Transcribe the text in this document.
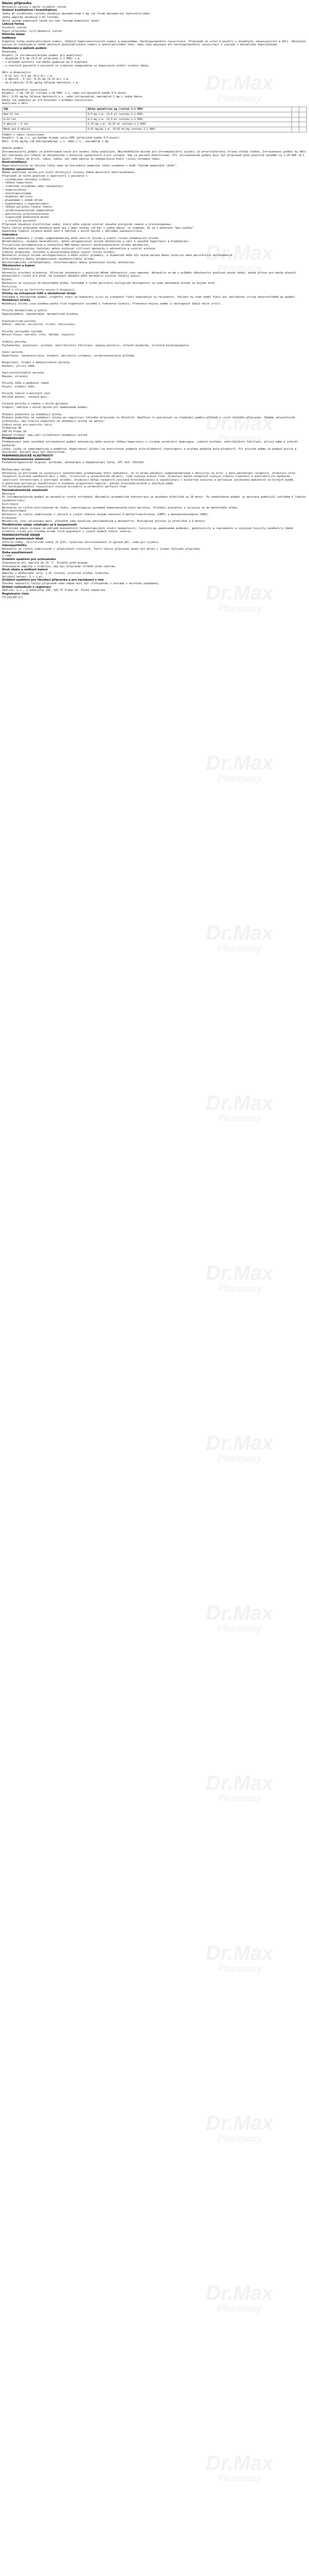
Název přípravku
Adrenalin Lečiva 1 mg/ml injekční roztok
Složení kvalitativní i kvantitativní
Jedna ml injekčního roztoku obsahuje epinephrinum 1 mg (ve formě epinephrini hydrochloridum).
Jedna ampulka obsahuje 1 ml roztoku.
Úplný seznam pomocných látek viz bod "Seznam pomocných látek".
Léková forma
Injekční roztok.
Popis přípravku: čirý bezbarvý roztok.
Klinické údaje
Indikace
Urgentní léčba anafylaktických reakcí, těžkých hypersenzitivních reakcí a angioedému. Kardiopulmonální resuscitace. Přípravek je určen k použití u dospělých, dospívajících a dětí. Adrenalin Leciva je indikován k léčbě akutních anafylaktických reakcí a anafylaktického šoku, nebo jako adjuvans při kardiopulmonální resuscitaci v souladu s aktuálními doporučeními.
Dávkování a způsob podání
Dávkování
Dospělí (k intramuskulárnímu podání při anafylaxi)
– dospělým 0,5 mg (0,5 ml přípravku 1:1 000) i.m.
– v případě nutnosti lze dávku opakovat po 5 minutách
– u starších pacientů a pacientů se srdečním onemocněním se doporučuje zvážit snížení dávky.

Děti a dospívající
– 6–12 let: 0,3 mg (0,3 ml) i.m.
– 6 měsíců – 6 let: 0,15 mg (0,15 ml) i.m.
– do 6 měsíců: 0,01 mg/kg tělesné hmotnosti i.m.

Kardiopulmonální resuscitace
Dospělí: 1 mg (10 ml roztoku 1:10 000) i.v. nebo intraoseálně každé 3–5 minut.
Děti: 0,01 mg/kg tělesné hmotnosti i.v. nebo intraoseálně, maximálně 1 mg v jedné dávce.
Dávky lze opakovat po 3–5 minutách v průběhu resuscitace.
Anafylaxe u dětí
Věk	Dávka epinefrinu mg (roztok 1:1 000)		
Nad 12 let	0,5 mg i.m. (0,5 ml roztoku 1:1 000)		
6–12 let	0,3 mg i.m. (0,3 ml roztoku 1:1 000)		
6 měsíců – 6 let	0,15 mg i.m. (0,15 ml roztoku 1:1 000)		
Méně než 6 měsíců	0,01 mg/kg i.m. (0,01 ml/kg roztoku 1:1 000)		
Podání v rámci resuscitace
Dospělí: 1 mg i.v. po každém druhém cyklu KPR (přibližně každé 3–5 minut).
Děti: 0,01 mg/kg (10 mikrogramů/kg) i.v. nebo i.o., maximálně 1 mg.

Způsob podání
Intramuskulární podání je preferovaná cesta pro úvodní léčbu anafylaxe. Nejvhodnějším místem pro intramuskulární injekci je anterolaterální strana středu stehna. Intravenózní podání by mělo být vyhrazeno pro lékaře se zkušenostmi s použitím vazopresorů a pro situace, kdy je pacient monitorován. Při intravenózním podání musí být přípravek před použitím naředěn na 1:10 000 (0,1 mg/ml). Podání do prstů, rukou, nohou, uší nebo penisu se nedoporučuje kvůli riziku ischemie tkání.
Kontraindikace
Hypersenzitivita na léčivou látku nebo na kteroukoli pomocnou látku uvedenou v bodě "Seznam pomocných látek".
Zvláštní upozornění
Během anafylaxe nejsou pro život ohrožující situace žádné absolutní kontraindikace.
Přípravek je nutno používat s opatrností u pacientů s:
– ischemickou chorobou srdeční
– těžkou hypertenzí
– srdečními arytmiemi nebo tachykardií
– hypertyreózou
– feochromocytomem
– diabetes mellitus
– glaukomem s úzkým úhlem
– hypokalemií a hyperkalcemií
– těžkou poruchou funkce ledvin
– cerebrovaskulárním onemocněním
– pokročilou arteriosklerózou
– organickým poškozením mozku
– u starších pacientů
Přípravek obsahuje disiřičitan sodný, který může vzácně vyvolat závažné alergické reakce a bronchospasmus.
Tento léčivý přípravek obsahuje méně než 1 mmol sodíku (23 mg) v jedné dávce, to znamená, že je v podstatě "bez sodíku".
Opakované lokální injekce mohou vést k nekróze v místě vpichu v důsledku vazokonstrikce.
Interakce
Souběžné podávání s jinými sympatomimetiky může zesílit účinky a zvýšit riziko nežádoucích účinků.
Betablokátory, zejména neselektivní, mohou antagonizovat účinek adrenalinu a vést k závažné hypertenzi a bradykardii.
Tricyklická antidepresiva a inhibitory MAO mohou zesílit kardiovaskulární účinky adrenalinu.
Inhalační anestetika (halotan) mohou zvyšovat citlivost myokardu k adrenalinu a vyvolat arytmie.
Srdeční glykosidy, chinidin a antiarytmika mohou zvýšit riziko arytmií.
Adrenalin snižuje účinek antihypertenziv a může zvýšit glykémii, u diabetiků může být nutná úprava dávky inzulinu nebo perorálních antidiabetik.
Alfa-blokátory mohou antagonizovat vazokonstrikční účinky.
Antihistaminika (difenhydramin, chlorfeniramin) mohou potencovat účinky adrenalinu.
Těhotenství a kojení
Těhotenství
Adrenalin prochází placentou. Klinické zkušenosti s použitím během těhotenství jsou omezené. Adrenalin se má v průběhu těhotenství používat pouze tehdy, pokud přínos pro matku převýší potenciální riziko pro plod. Ve vysokých dávkách může adrenalin vyvolat fetální anoxii.
Kojení
Adrenalin se vylučuje do mateřského mléka. Vzhledem k nízké perorální biologické dostupnosti se však neočekává účinek na kojené dítě.
Fertilita
Údaje o vlivu na fertilitu nejsou k dispozici.
Účinky na schopnost řídit a obsluhovat stroje
Vzhledem k okolnostem podání (urgentní stav) se hodnocení vlivu na schopnost řídit nepovažuje za relevantní. Pacient by však neměl řídit ani obsluhovat stroje bezprostředně po podání.
Nežádoucí účinky
Nežádoucí účinky jsou uvedeny podle tříd orgánových systémů a frekvence výskytu. Frekvence nejsou známé (z dostupných údajů nelze určit).

Poruchy metabolismu a výživy
Hyperglykemie, hypokalemie, metabolická acidóza.

Psychiatrické poruchy
Úzkost, neklid, nervozita, strach, halucinace.

Poruchy nervového systému
Bolest hlavy, závratě, třes, mdloby, ospalost.

Srdeční poruchy
Tachykardie, palpitace, arytmie, ventrikulární fibrilace, angina pectoris, infarkt myokardu, stresová kardiomyopatie.

Cévní poruchy
Hypertenze, vazokonstrikce, bledost, periferní ischemie, cerebrovaskulární příhoda.

Respirační, hrudní a mediastinální poruchy
Dušnost, plicní edém.

Gastrointestinální poruchy
Nauzea, zvracení.

Poruchy kůže a podkožní tkáně
Pocení, bledost kůže.

Poruchy ledvin a močových cest
Obtížné močení, retence moči.

Celkové poruchy a reakce v místě aplikace
Slabost, nekróza v místě vpichu při opakovaném podání.

Hlášení podezření na nežádoucí účinky
Hlášení podezření na nežádoucí účinky po registraci léčivého přípravku je důležité. Umožňuje to pokračovat ve sledování poměru přínosů a rizik léčivého přípravku. Žádáme zdravotnické pracovníky, aby hlásili podezření na nežádoucí účinky na adresu:
Státní ústav pro kontrolu léčiv
Šrobárova 48
100 41 Praha 10
Webové stránky: www.sukl.cz/nahlasit-nezadouci-ucinek
Předávkování
Předávkování nebo nechtěné intravenózní podání adrenalinu může vyvolat těžkou hypertenzi s rizikem cerebrální hemoragie, srdeční arytmie, ventrikulární fibrilaci, plicní edém a infarkt myokardu.
Léčba: Léčba je symptomatická a podpůrná. Hypertenzní účinky lze kontrolovat podáním alfa-blokátorů (fentolamin) a arytmie podáním beta-blokátorů. Při plicním edému se podává kyslík a diuretika. Pacient musí být monitorován.
FARMAKOLOGICKÉ VLASTNOSTI
Farmakodynamické vlastnosti
Farmakoterapeutická skupina: kardiaka, adrenergní a dopaminergní látky, ATC kód: C01CA24.

Mechanismus účinku
Adrenalin je přirozeně se vyskytující katecholamin produkovaný dření nadledvin. Je to přímo působící sympatomimetikum s aktivitou na alfa- i beta-adrenergní receptory. Stimulací alfa-receptorů vyvolává vazokonstrikci v kůži, sliznicích a splanchnické oblasti, čímž zvyšuje krevní tlak. Stimulací beta1-receptorů zvyšuje srdeční frekvenci a kontraktilitu myokardu (pozitivní chronotropní a inotropní účinek). Stimulací beta2-receptorů vyvolává bronchodilataci a vazodilataci v kosterním svalstvu a potlačuje uvolňování mediátorů ze žírných buněk.
U anafylaxe potlačuje vazodilataci a zvýšenou propustnost kapilár, působí bronchodilatačně a zmírňuje edém.
Při kardiopulmonální resuscitaci zvyšuje koronární a cerebrální perfuzní tlak.
Farmakokinetické vlastnosti
Absorpce
Po intramuskulárním podání se adrenalin rychle vstřebává. Maximální plazmatické koncentrace je dosaženo přibližně za 10 minut. Po subkutánním podání je absorpce pomalejší vzhledem k lokální vazokonstrikci.
Distribuce
Adrenalin je rychle distribuován do tkání, neprostupuje významně hematoencefalickou bariérou. Prochází placentou a vylučuje se do mateřského mléka.
Biotransformace
Adrenalin je rychle inaktivován v játrech a jiných tkáních enzymy katechol-O-methyltransferázou (COMT) a monoaminooxidázou (MAO).
Eliminace
Metabolity jsou vylučovány močí, převážně jako kyselina vanilmandlová a metanefrin. Biologický poločas je přibližně 2–3 minuty.
Předklinické údaje vztahující se k bezpečnosti
Neklinické údaje získané na základě konvenčních farmakologických studií bezpečnosti, toxicity po opakovaném podávání, genotoxicity a reprodukční a vývojové toxicity neodhalily žádné zvláštní riziko pro člověka kromě rizik popsaných v jiných bodech tohoto souhrnu.
FARMACEUTICKÉ ÚDAJE
Seznam pomocných látek
Chlorid sodný, disiřičitan sodný (E 223), kyselina chlorovodíková (k úpravě pH), voda pro injekci.
Inkompatibility
Adrenalin je rychle inaktivován v alkalických roztocích. Tento léčivý přípravek nesmí být mísen s jinými léčivými přípravky.
Doba použitelnosti
2 roky.
Zvláštní opatření pro uchovávání
Uchovávejte při teplotě do 25 °C. Chraňte před mrazem.
Uchovávejte ampulky v krabičce, aby byl přípravek chráněn před světlem.
Druh obalu a velikost balení
Ampulky z bezbarvého skla, 1 ml roztoku, plastová vložka, krabička.
Velikost balení: 5 × 1 ml.
Zvláštní opatření pro likvidaci přípravku a pro zacházení s ním
Všechen nepoužitý léčivý přípravek nebo odpad musí být zlikvidován v souladu s místními požadavky.
Držitel rozhodnutí o registraci
Zentiva, k.s., U kabelovny 130, 102 37 Praha 10, Česká republika
Registrační číslo
77/152/69-S/C
Dr.Max
Pharmacy
Dr.Max
Pharmacy
Dr.Max
Pharmacy
Dr.Max
Pharmacy
Dr.Max
Pharmacy
Dr.Max
Pharmacy
Dr.Max
Pharmacy
Dr.Max
Pharmacy
Dr.Max
Pharmacy
Dr.Max
Pharmacy
Dr.Max
Pharmacy
Dr.Max
Pharmacy
Dr.Max
Pharmacy
Dr.Max
Pharmacy
Dr.Max
Pharmacy
